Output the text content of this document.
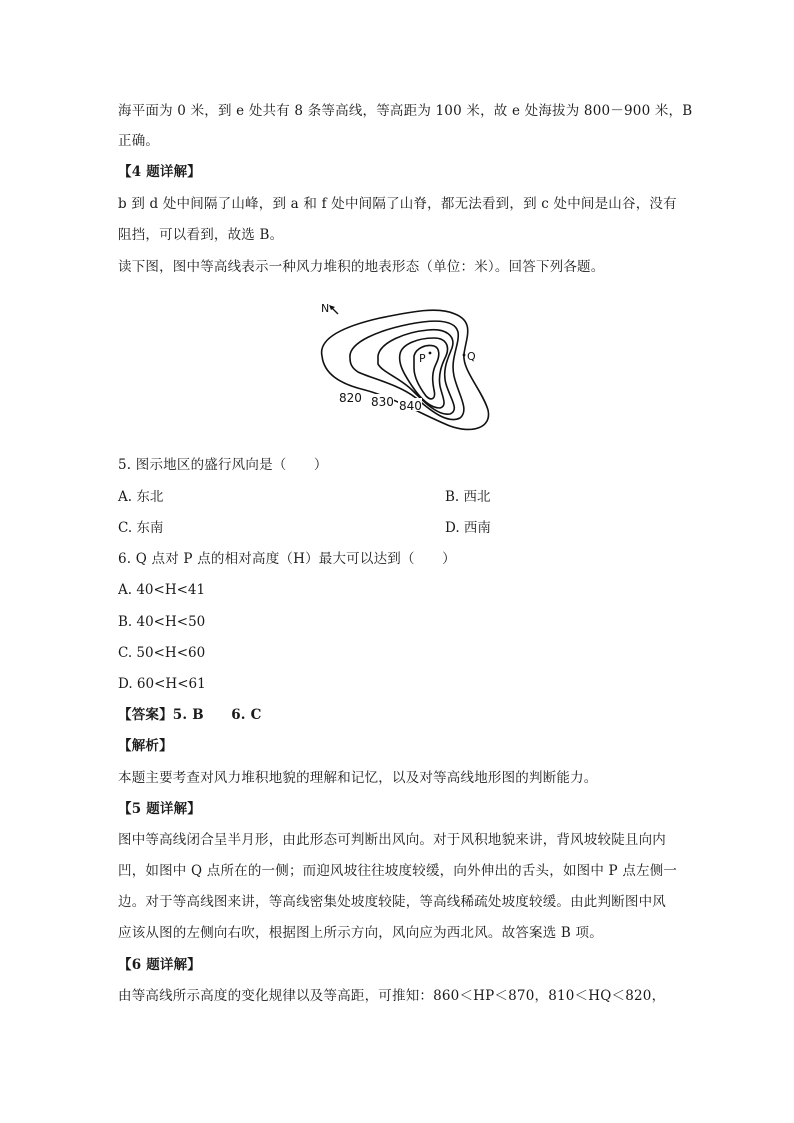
海平面为 0 米，到 e 处共有 8 条等高线，等高距为 100 米，故 e 处海拔为 800－900 米，B
正确。
【4 题详解】
b 到 d 处中间隔了山峰，到 a 和 f 处中间隔了山脊，都无法看到，到 c 处中间是山谷，没有
阻挡，可以看到，故选 B。
读下图，图中等高线表示一种风力堆积的地表形态（单位：米）。回答下列各题。
N
P	Q
820 830 840
5. 图示地区的盛行风向是（　　）
A. 东北	B. 西北
C. 东南	D. 西南
6. Q 点对 P 点的相对高度（H）最大可以达到（　　）
A. 40<H<41
B. 40<H<50
C. 50<H<60
D. 60<H<61
【答案】5. B　　6. C
【解析】
本题主要考查对风力堆积地貌的理解和记忆，以及对等高线地形图的判断能力。
【5 题详解】
图中等高线闭合呈半月形，由此形态可判断出风向。对于风积地貌来讲，背风坡较陡且向内
凹，如图中 Q 点所在的一侧；而迎风坡往往坡度较缓，向外伸出的舌头，如图中 P 点左侧一
边。对于等高线图来讲，等高线密集处坡度较陡，等高线稀疏处坡度较缓。由此判断图中风
应该从图的左侧向右吹，根据图上所示方向，风向应为西北风。故答案选 B 项。
【6 题详解】
由等高线所示高度的变化规律以及等高距，可推知：860＜HP＜870，810＜HQ＜820，
